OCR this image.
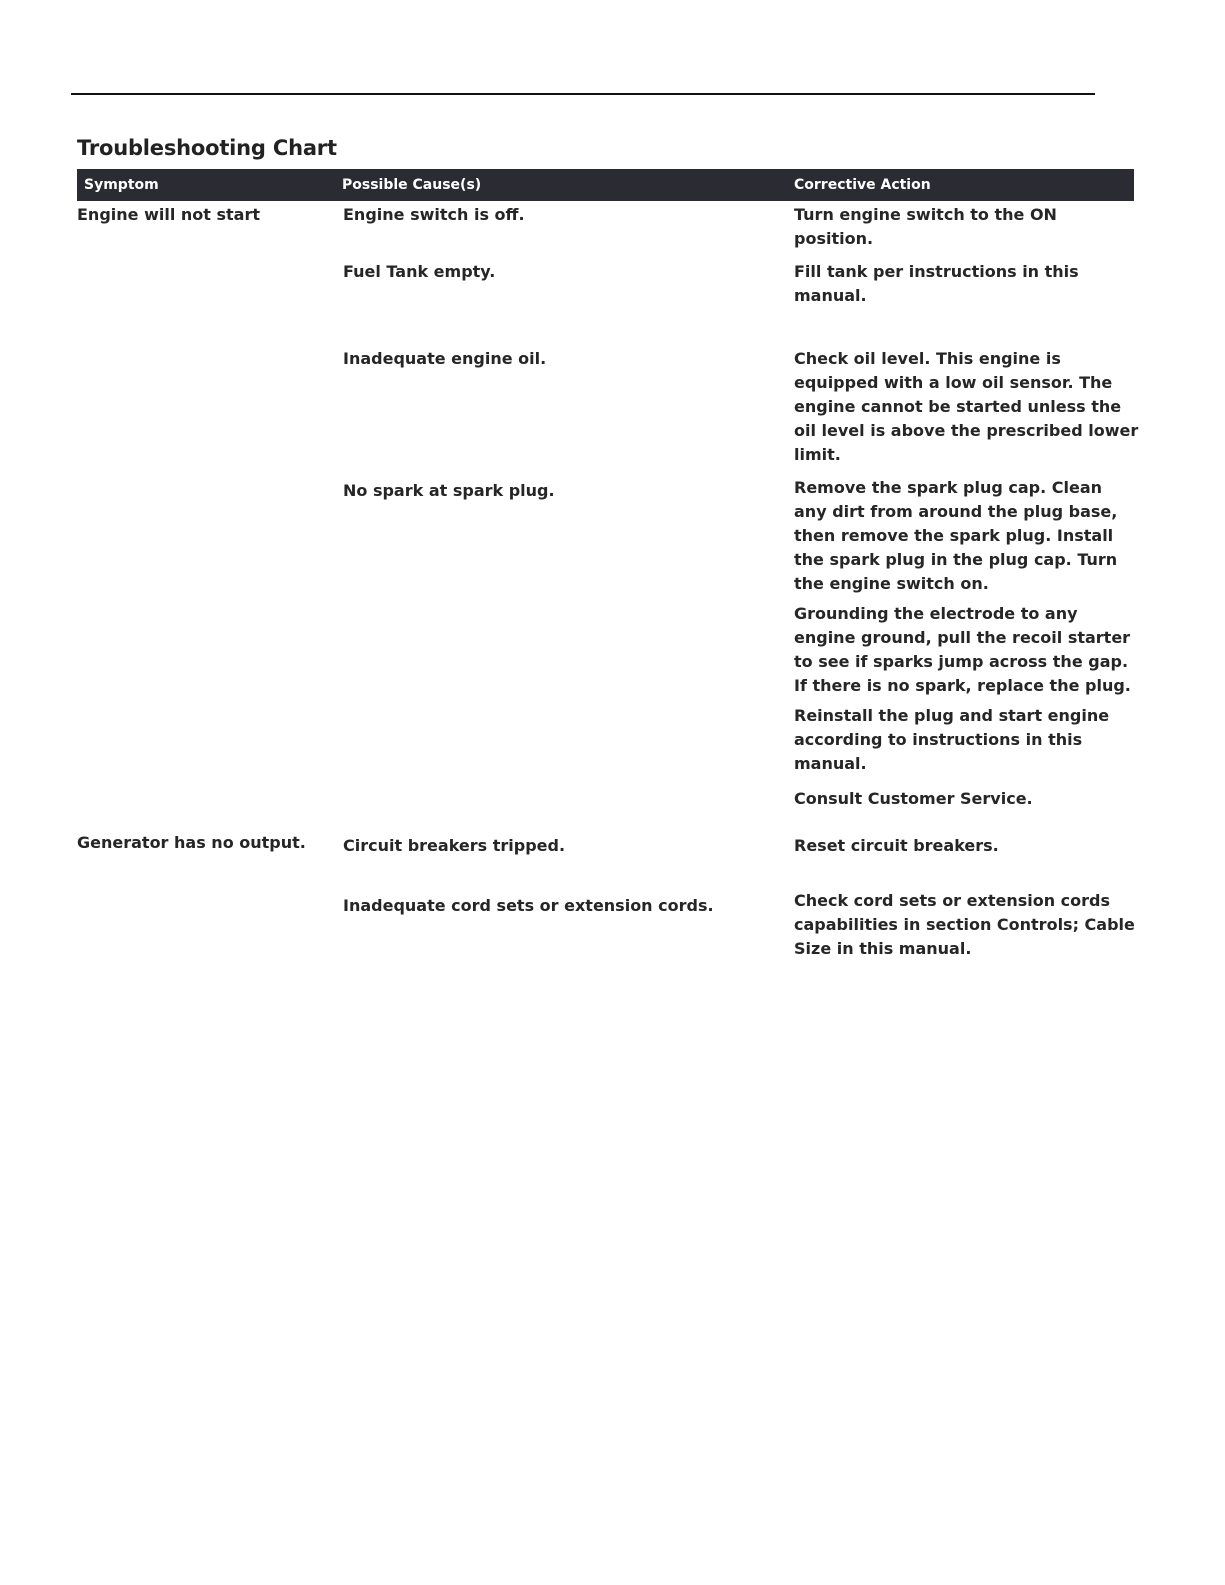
Troubleshooting Chart
Symptom	Possible Cause(s)	Corrective Action
Engine will not start
Generator has no output.
Engine switch is off.
Fuel Tank empty.
Inadequate engine oil.
No spark at spark plug.
Circuit breakers tripped.
Inadequate cord sets or extension cords.
Turn engine switch to the ON position.
Fill tank per instructions in this manual.
Check oil level. This engine is equipped with a low oil sensor. The engine cannot be started unless the oil level is above the prescribed lower limit.
Remove the spark plug cap. Clean any dirt from around the plug base, then remove the spark plug. Install the spark plug in the plug cap. Turn the engine switch on.
Grounding the electrode to any engine ground, pull the recoil starter to see if sparks jump across the gap. If there is no spark, replace the plug.
Reinstall the plug and start engine according to instructions in this manual.
Consult Customer Service.
Reset circuit breakers.
Check cord sets or extension cords capabilities in section Controls; Cable Size in this manual.
